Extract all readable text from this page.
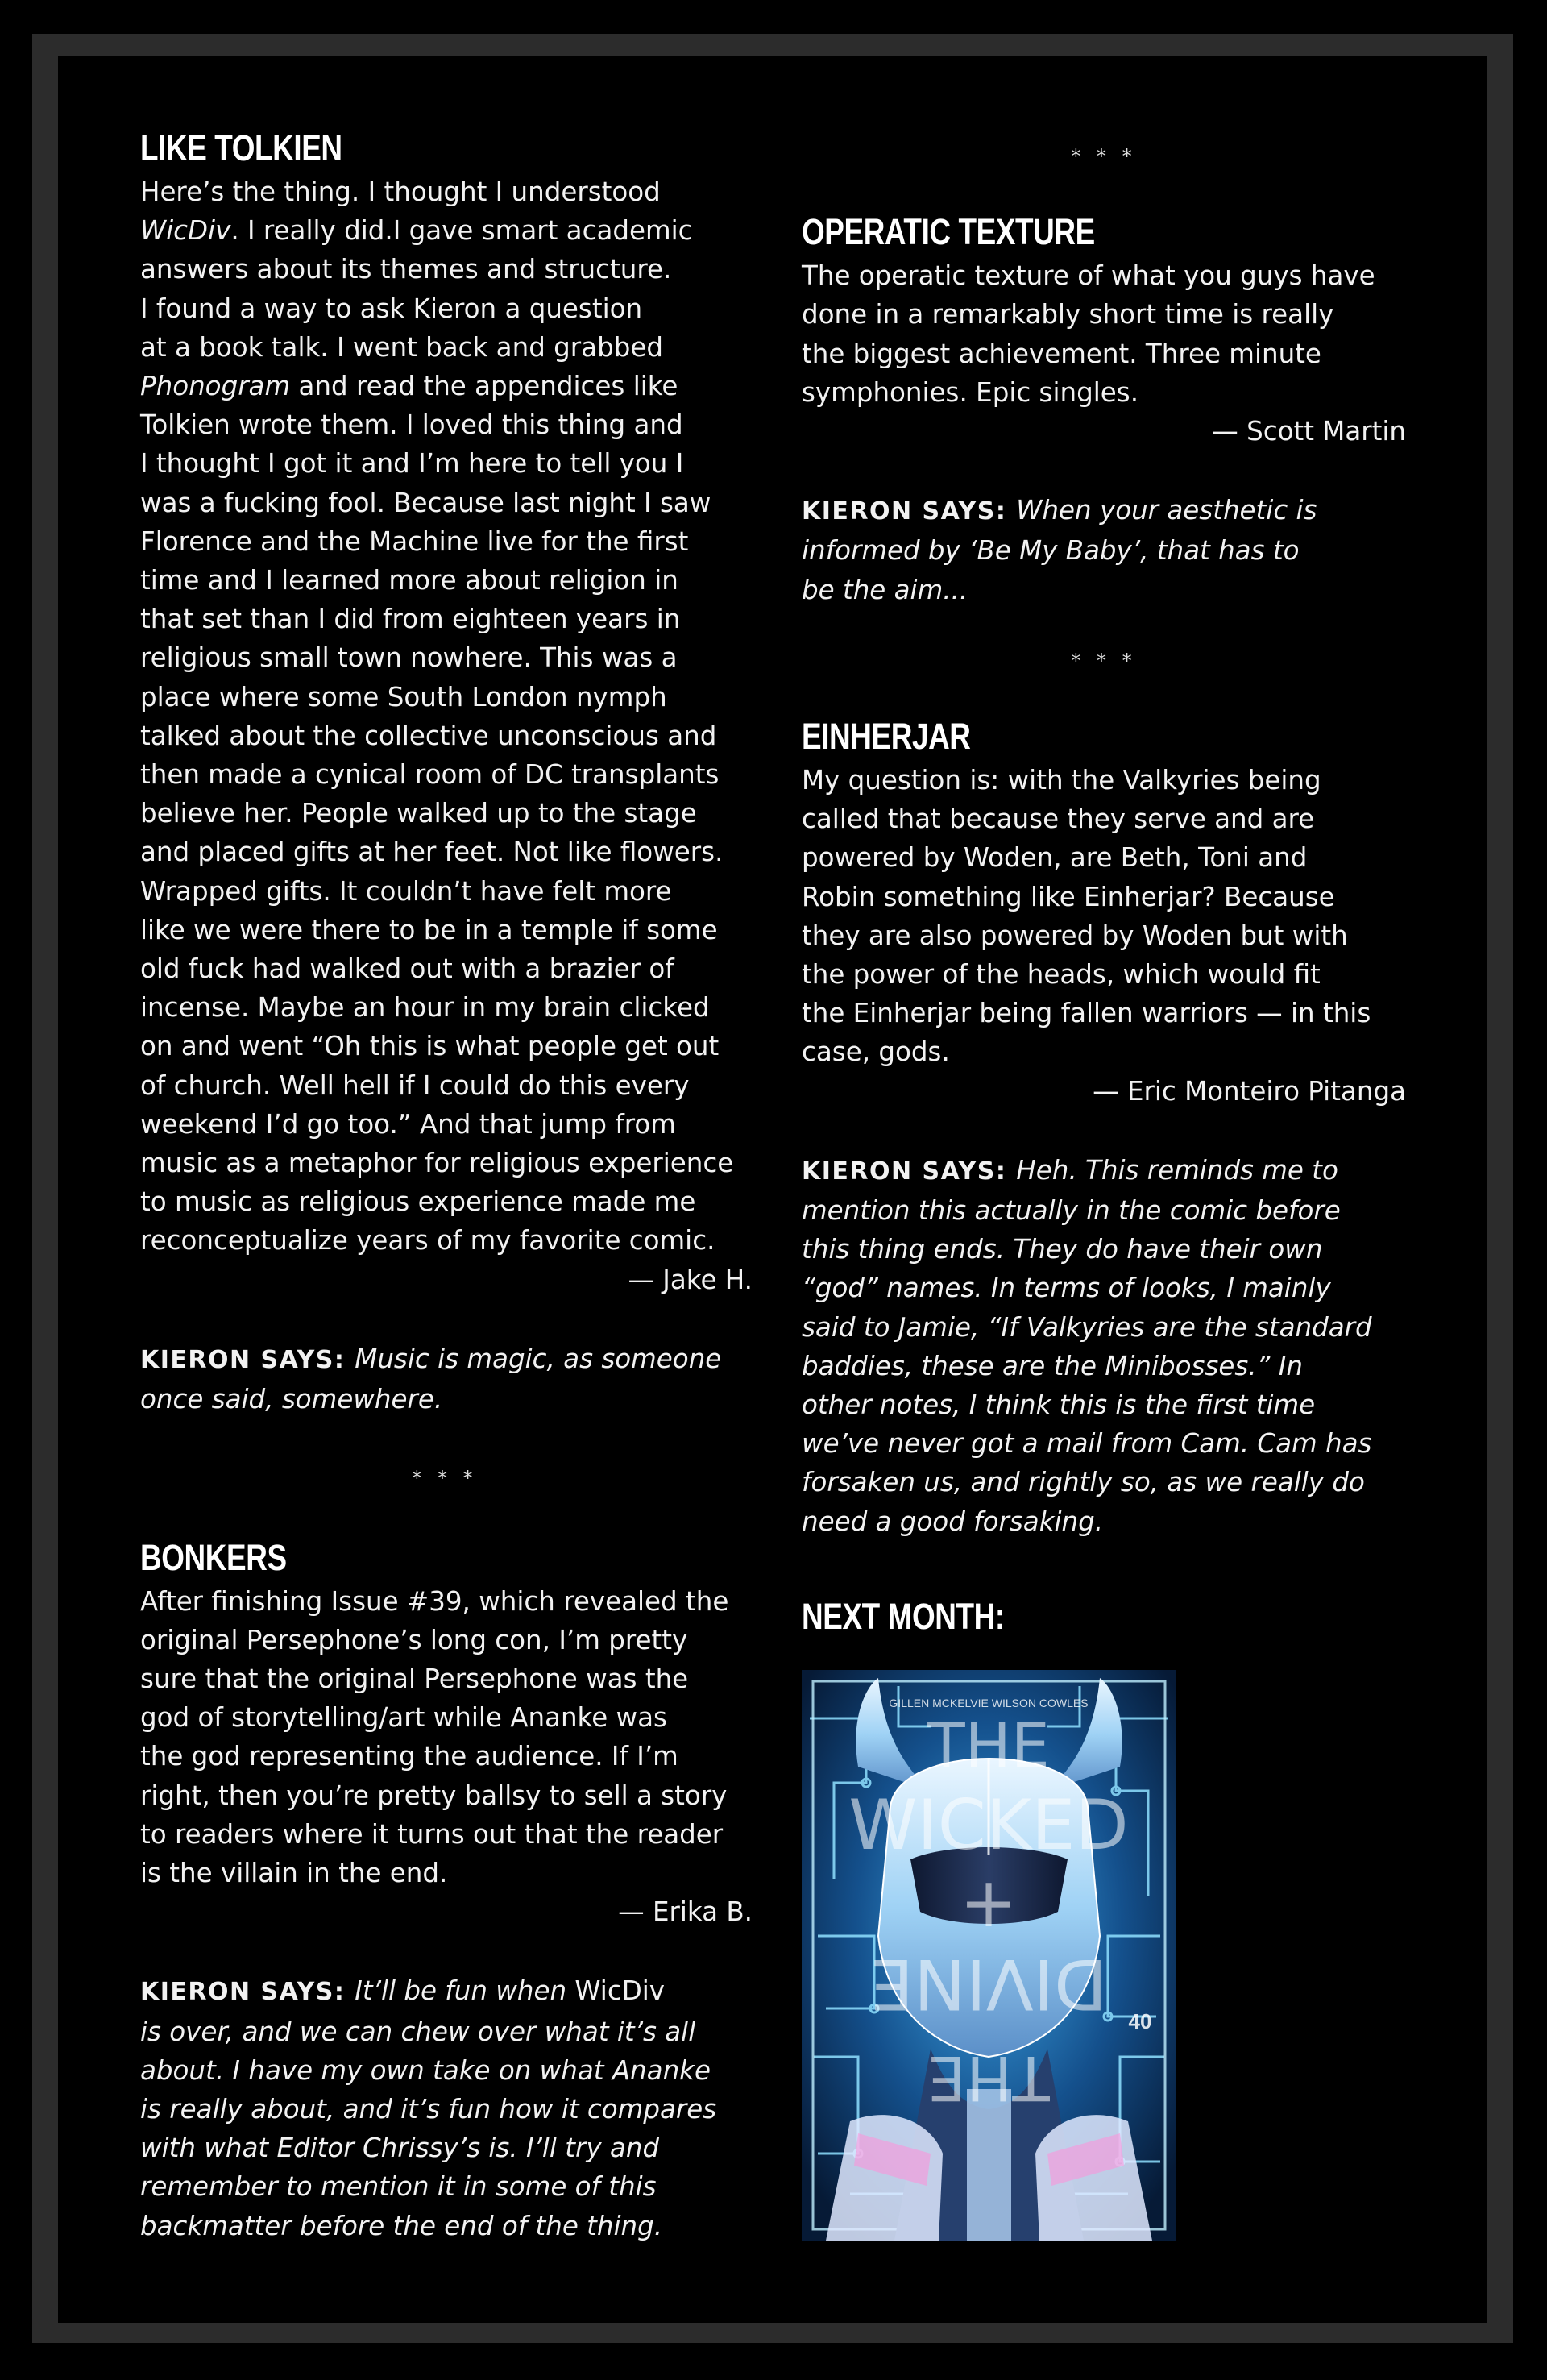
LIKE TOLKIEN
Here’s the thing. I thought I understood
WicDiv. I really did.I gave smart academic
answers about its themes and structure.
I found a way to ask Kieron a question
at a book talk. I went back and grabbed
Phonogram and read the appendices like
Tolkien wrote them. I loved this thing and
I thought I got it and I’m here to tell you I
was a fucking fool. Because last night I saw
Florence and the Machine live for the first
time and I learned more about religion in
that set than I did from eighteen years in
religious small town nowhere. This was a
place where some South London nymph
talked about the collective unconscious and
then made a cynical room of DC transplants
believe her. People walked up to the stage
and placed gifts at her feet. Not like flowers.
Wrapped gifts. It couldn’t have felt more
like we were there to be in a temple if some
old fuck had walked out with a brazier of
incense. Maybe an hour in my brain clicked
on and went “Oh this is what people get out
of church. Well hell if I could do this every
weekend I’d go too.” And that jump from
music as a metaphor for religious experience
to music as religious experience made me
reconceptualize years of my favorite comic.

— Jake H.

KIERON SAYS: Music is magic, as someone
once said, somewhere.

* * *

BONKERS
After finishing Issue #39, which revealed the
original Persephone’s long con, I’m pretty
sure that the original Persephone was the
god of storytelling/art while Ananke was
the god representing the audience. If I’m
right, then you’re pretty ballsy to sell a story
to readers where it turns out that the reader
is the villain in the end.

— Erika B.

KIERON SAYS: It’ll be fun when WicDiv
is over, and we can chew over what it’s all
about. I have my own take on what Ananke
is really about, and it’s fun how it compares
with what Editor Chrissy’s is. I’ll try and
remember to mention it in some of this
backmatter before the end of the thing.

* * *

OPERATIC TEXTURE
The operatic texture of what you guys have
done in a remarkably short time is really
the biggest achievement. Three minute
symphonies. Epic singles.

— Scott Martin

KIERON SAYS: When your aesthetic is
informed by ‘Be My Baby’, that has to
be the aim...

* * *

EINHERJAR
My question is: with the Valkyries being
called that because they serve and are
powered by Woden, are Beth, Toni and
Robin something like Einherjar? Because
they are also powered by Woden but with
the power of the heads, which would fit
the Einherjar being fallen warriors — in this
case, gods.

— Eric Monteiro Pitanga

KIERON SAYS: Heh. This reminds me to
mention this actually in the comic before
this thing ends. They do have their own
“god” names. In terms of looks, I mainly
said to Jamie, “If Valkyries are the standard
baddies, these are the Minibosses.” In
other notes, I think this is the first time
we’ve never got a mail from Cam. Cam has
forsaken us, and rightly so, as we really do
need a good forsaking.

NEXT MONTH:
GILLEN MCKELVIE WILSON COWLES
THE
WICKED
+
DIVINE
THE
40
